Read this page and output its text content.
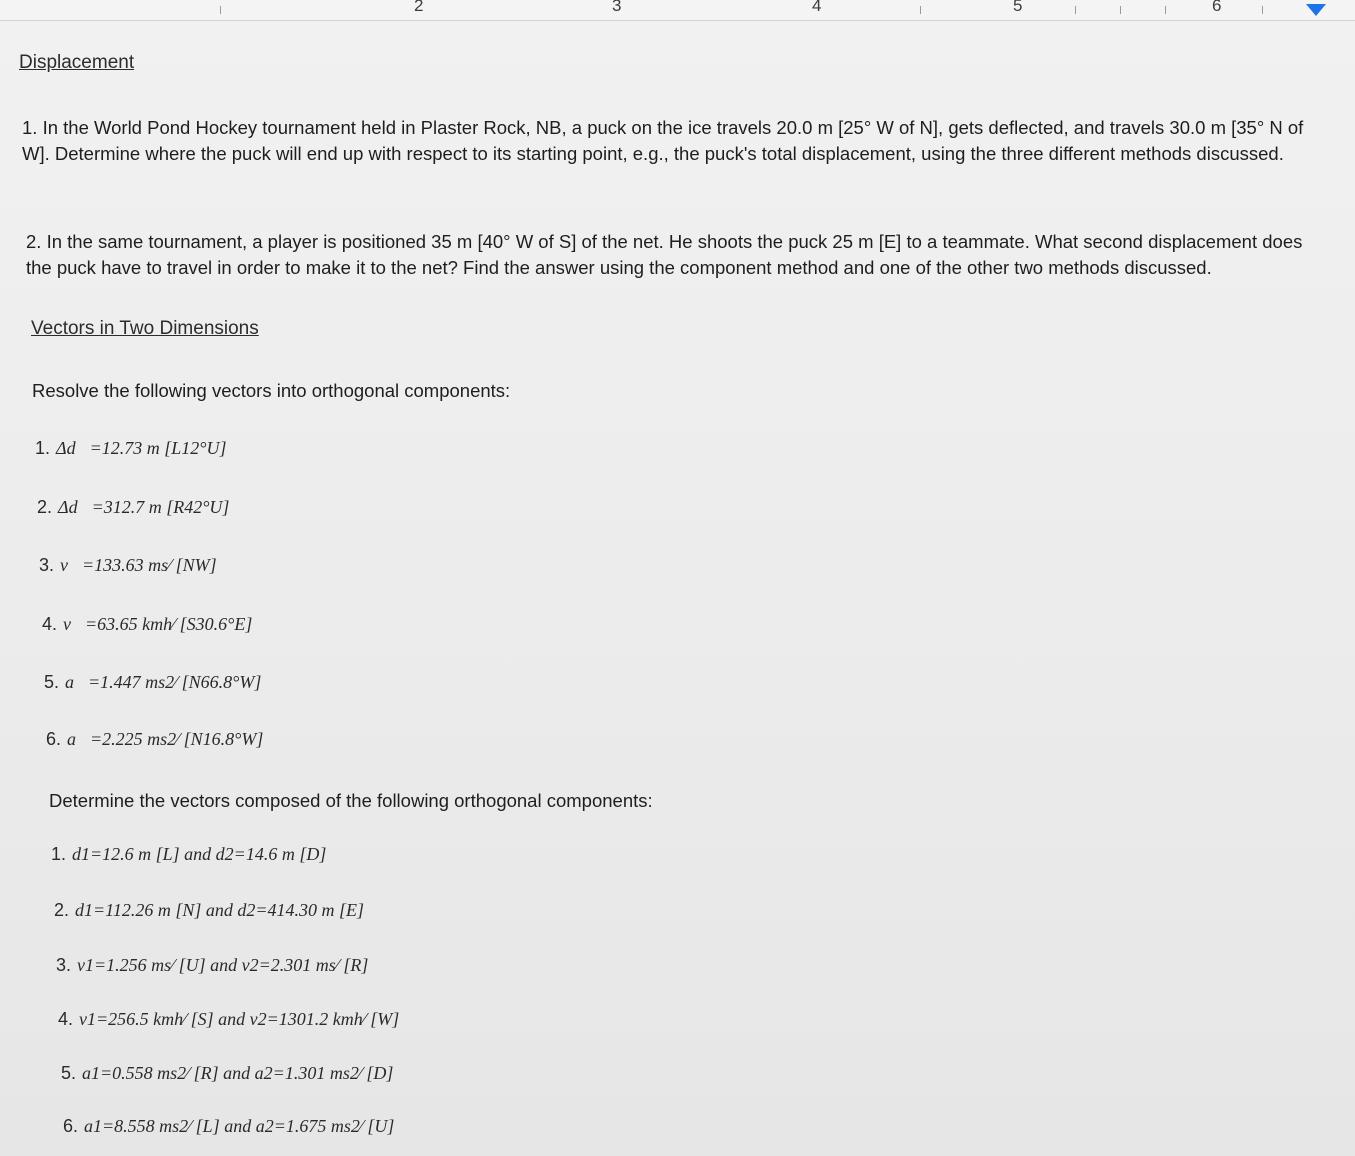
2	3	4	5	6
Displacement
1. In the World Pond Hockey tournament held in Plaster Rock, NB, a puck on the ice travels 20.0 m [25° W of N], gets deflected, and travels 30.0 m [35° N of W]. Determine where the puck will end up with respect to its starting point, e.g., the puck's total displacement, using the three different methods discussed.
2. In the same tournament, a player is positioned 35 m [40° W of S] of the net. He shoots the puck 25 m [E] to a teammate. What second displacement does the puck have to travel in order to make it to the net? Find the answer using the component method and one of the other two methods discussed.
Vectors in Two Dimensions
Resolve the following vectors into orthogonal components:
1. Δd⃗=12.73 m [L12°U]
2. Δd⃗=312.7 m [R42°U]
3. v⃗=133.63 ms⁄ [NW]
4. v⃗=63.65 kmh⁄ [S30.6°E]
5. a⃗=1.447 ms2⁄ [N66.8°W]
6. a⃗=2.225 ms2⁄ [N16.8°W]
Determine the vectors composed of the following orthogonal components:
1. d1=12.6 m [L] and d2=14.6 m [D]
2. d1=112.26 m [N] and d2=414.30 m [E]
3. v1=1.256 ms⁄ [U] and v2=2.301 ms⁄ [R]
4. v1=256.5 kmh⁄ [S] and v2=1301.2 kmh⁄ [W]
5. a1=0.558 ms2⁄ [R] and a2=1.301 ms2⁄ [D]
6. a1=8.558 ms2⁄ [L] and a2=1.675 ms2⁄ [U]
